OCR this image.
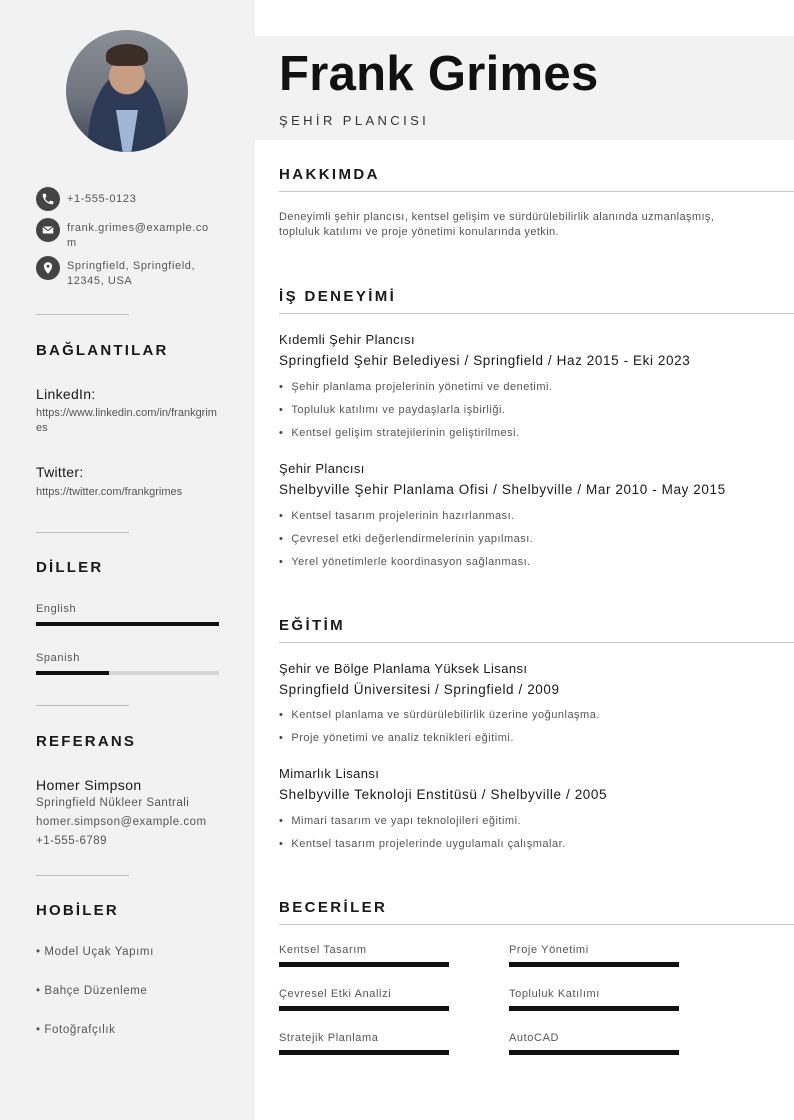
+1-555-0123
frank.grimes@example.com
Springfield, Springfield, 12345, USA
BAĞLANTILAR
LinkedIn:
https://www.linkedin.com/in/frankgrimes
Twitter:
https://twitter.com/frankgrimes
DİLLER
English
Spanish
REFERANS
Homer Simpson
Springfield Nükleer Santrali
homer.simpson@example.com
+1-555-6789
HOBİLER
• Model Uçak Yapımı
• Bahçe Düzenleme
• Fotoğrafçılık
Frank Grimes
ŞEHİR PLANCISI
HAKKIMDA
Deneyimli şehir plancısı, kentsel gelişim ve sürdürülebilirlik alanında uzmanlaşmış, topluluk katılımı ve proje yönetimi konularında yetkin.
İŞ DENEYİMİ
Kıdemli Şehir Plancısı
Springfield Şehir Belediyesi / Springfield / Haz 2015 - Eki 2023
• Şehir planlama projelerinin yönetimi ve denetimi.
• Topluluk katılımı ve paydaşlarla işbirliği.
• Kentsel gelişim stratejilerinin geliştirilmesi.
Şehir Plancısı
Shelbyville Şehir Planlama Ofisi / Shelbyville / Mar 2010 - May 2015
• Kentsel tasarım projelerinin hazırlanması.
• Çevresel etki değerlendirmelerinin yapılması.
• Yerel yönetimlerle koordinasyon sağlanması.
EĞİTİM
Şehir ve Bölge Planlama Yüksek Lisansı
Springfield Üniversitesi / Springfield / 2009
• Kentsel planlama ve sürdürülebilirlik üzerine yoğunlaşma.
• Proje yönetimi ve analiz teknikleri eğitimi.
Mimarlık Lisansı
Shelbyville Teknoloji Enstitüsü / Shelbyville / 2005
• Mimari tasarım ve yapı teknolojileri eğitimi.
• Kentsel tasarım projelerinde uygulamalı çalışmalar.
BECERİLER
Kentsel Tasarım	Proje Yönetimi
Çevresel Etki Analizi	Topluluk Katılımı
Stratejik Planlama	AutoCAD
